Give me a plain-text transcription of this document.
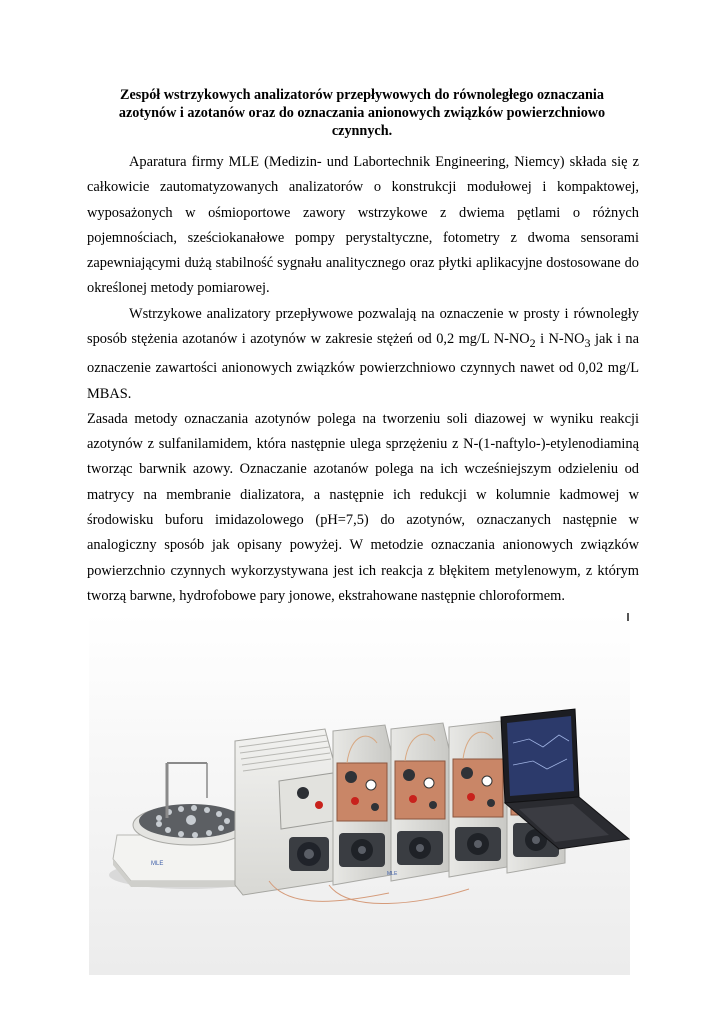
Zespół wstrzykowych analizatorów przepływowych do równoległego oznaczania
azotynów i azotanów oraz do oznaczania anionowych związków powierzchniowo
czynnych.

Aparatura firmy MLE (Medizin- und Labortechnik Engineering, Niemcy) składa się z całkowicie zautomatyzowanych analizatorów o konstrukcji modułowej i kompaktowej, wyposażonych w ośmioportowe zawory wstrzykowe z dwiema pętlami o różnych pojemnościach, sześciokanałowe pompy perystaltyczne, fotometry z dwoma sensorami zapewniającymi dużą stabilność sygnału analitycznego oraz płytki aplikacyjne dostosowane do określonej metody pomiarowej.

Wstrzykowe analizatory przepływowe pozwalają na oznaczenie w prosty i równoległy sposób stężenia azotanów i azotynów w zakresie stężeń od 0,2 mg/L $N-NO_2$ i $N-NO_3$ jak i na oznaczenie zawartości anionowych związków powierzchniowo czynnych nawet od 0,02 mg/L MBAS.

Zasada metody oznaczania azotynów polega na tworzeniu soli diazowej w wyniku reakcji azotynów z sulfanilamidem, która następnie ulega sprzężeniu z N-(1-naftylo-)-etylenodiaminą tworząc barwnik azowy. Oznaczanie azotanów polega na ich wcześniejszym odzieleniu od matrycy na membranie dializatora, a następnie ich redukcji w kolumnie kadmowej w środowisku buforu imidazolowego (pH=7,5) do azotynów, oznaczanych następnie w analogiczny sposób jak opisany powyżej. W metodzie oznaczania anionowych związków powierzchnio czynnych wykorzystywana jest ich reakcja z błękitem metylenowym, z którym tworzą barwne, hydrofobowe pary jonowe, ekstrahowane następnie chloroformem.

MLE
MLE
